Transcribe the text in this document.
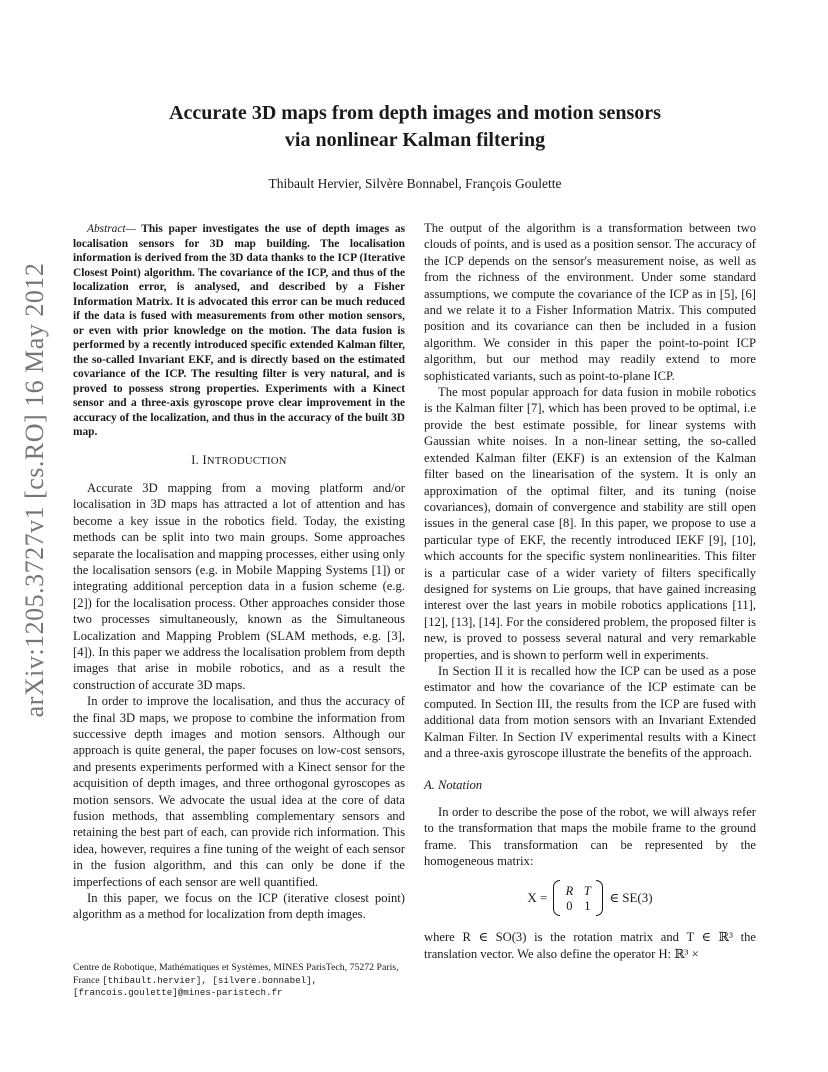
arXiv:1205.3727v1 [cs.RO] 16 May 2012
Accurate 3D maps from depth images and motion sensors
via nonlinear Kalman filtering
Thibault Hervier, Silvère Bonnabel, François Goulette

Abstract— This paper investigates the use of depth images as localisation sensors for 3D map building. The localisation information is derived from the 3D data thanks to the ICP (Iterative Closest Point) algorithm. The covariance of the ICP, and thus of the localization error, is analysed, and described by a Fisher Information Matrix. It is advocated this error can be much reduced if the data is fused with measurements from other motion sensors, or even with prior knowledge on the motion. The data fusion is performed by a recently introduced specific extended Kalman filter, the so-called Invariant EKF, and is directly based on the estimated covariance of the ICP. The resulting filter is very natural, and is proved to possess strong properties. Experiments with a Kinect sensor and a three-axis gyroscope prove clear improvement in the accuracy of the localization, and thus in the accuracy of the built 3D map.

I. INTRODUCTION

Accurate 3D mapping from a moving platform and/or localisation in 3D maps has attracted a lot of attention and has become a key issue in the robotics field. Today, the existing methods can be split into two main groups. Some approaches separate the localisation and mapping processes, either using only the localisation sensors (e.g. in Mobile Mapping Systems [1]) or integrating additional perception data in a fusion scheme (e.g. [2]) for the localisation process. Other approaches consider those two processes simultaneously, known as the Simultaneous Localization and Mapping Problem (SLAM methods, e.g. [3], [4]). In this paper we address the localisation problem from depth images that arise in mobile robotics, and as a result the construction of accurate 3D maps.

In order to improve the localisation, and thus the accuracy of the final 3D maps, we propose to combine the information from successive depth images and motion sensors. Although our approach is quite general, the paper focuses on low-cost sensors, and presents experiments performed with a Kinect sensor for the acquisition of depth images, and three orthogonal gyroscopes as motion sensors. We advocate the usual idea at the core of data fusion methods, that assembling complementary sensors and retaining the best part of each, can provide rich information. This idea, however, requires a fine tuning of the weight of each sensor in the fusion algorithm, and this can only be done if the imperfections of each sensor are well quantified.

In this paper, we focus on the ICP (iterative closest point) algorithm as a method for localization from depth images.

The output of the algorithm is a transformation between two clouds of points, and is used as a position sensor. The accuracy of the ICP depends on the sensor's measurement noise, as well as from the richness of the environment. Under some standard assumptions, we compute the covariance of the ICP as in [5], [6] and we relate it to a Fisher Information Matrix. This computed position and its covariance can then be included in a fusion algorithm. We consider in this paper the point-to-point ICP algorithm, but our method may readily extend to more sophisticated variants, such as point-to-plane ICP.

The most popular approach for data fusion in mobile robotics is the Kalman filter [7], which has been proved to be optimal, i.e provide the best estimate possible, for linear systems with Gaussian white noises. In a non-linear setting, the so-called extended Kalman filter (EKF) is an extension of the Kalman filter based on the linearisation of the system. It is only an approximation of the optimal filter, and its tuning (noise covariances), domain of convergence and stability are still open issues in the general case [8]. In this paper, we propose to use a particular type of EKF, the recently introduced IEKF [9], [10], which accounts for the specific system nonlinearities. This filter is a particular case of a wider variety of filters specifically designed for systems on Lie groups, that have gained increasing interest over the last years in mobile robotics applications [11], [12], [13], [14]. For the considered problem, the proposed filter is new, is proved to possess several natural and very remarkable properties, and is shown to perform well in experiments.

In Section II it is recalled how the ICP can be used as a pose estimator and how the covariance of the ICP estimate can be computed. In Section III, the results from the ICP are fused with additional data from motion sensors with an Invariant Extended Kalman Filter. In Section IV experimental results with a Kinect and a three-axis gyroscope illustrate the benefits of the approach.

A. Notation

In order to describe the pose of the robot, we will always refer to the transformation that maps the mobile frame to the ground frame. This transformation can be represented by the homogeneous matrix:

X =	R T
0 1
∈ SE(3)

where R ∈ SO(3) is the rotation matrix and T ∈ ℝ³ the translation vector. We also define the operator H: ℝ³ ×

Centre de Robotique, Mathématiques et Systèmes, MINES ParisTech, 75272 Paris, France [thibault.hervier], [silvere.bonnabel],
[francois.goulette]@mines-paristech.fr
